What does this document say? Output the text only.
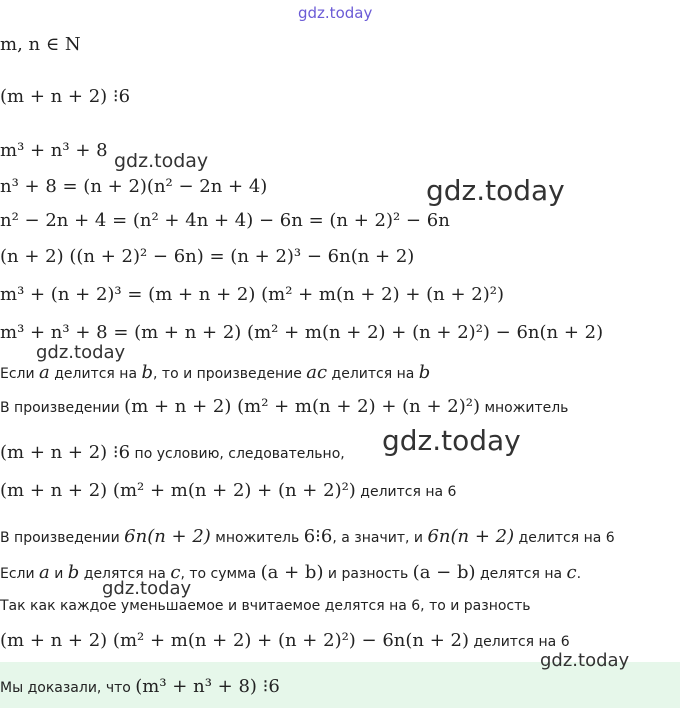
gdz.today
m, n ∈ N
(m + n + 2) ⁝6
m³ + n³ + 8 gdz.today
n³ + 8 = (n + 2)(n² − 2n + 4)	gdz.today
n² − 2n + 4 = (n² + 4n + 4) − 6n = (n + 2)² − 6n
(n + 2) ((n + 2)² − 6n) = (n + 2)³ − 6n(n + 2)
m³ + (n + 2)³ = (m + n + 2) (m² + m(n + 2) + (n + 2)²)
m³ + n³ + 8 = (m + n + 2) (m² + m(n + 2) + (n + 2)²) − 6n(n + 2)
gdz.today
Если a делится на b, то и произведение ac делится на b
В произведении (m + n + 2) (m² + m(n + 2) + (n + 2)²) множитель
(m + n + 2) ⁝6 по условию, следовательно, gdz.today
(m + n + 2) (m² + m(n + 2) + (n + 2)²) делится на 6
В произведении 6n(n + 2) множитель 6⁝6, а значит, и 6n(n + 2) делится на 6
Если a и b делятся на c, то сумма (a + b) и разность (a − b) делятся на c.
gdz.today
Так как каждое уменьшаемое и вчитаемое делятся на 6, то и разность
(m + n + 2) (m² + m(n + 2) + (n + 2)²) − 6n(n + 2) делится на 6
gdz.today
Мы доказали, что (m³ + n³ + 8) ⁝6
